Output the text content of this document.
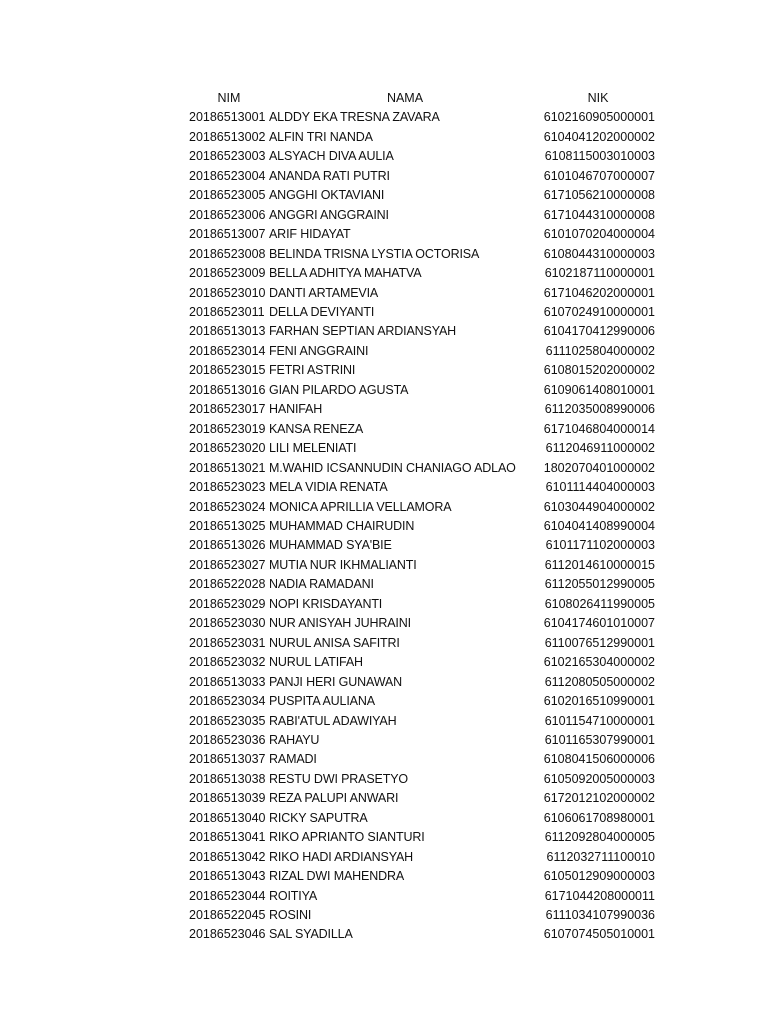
NIM	NAMA	NIK
20186513001	ALDDY EKA TRESNA ZAVARA	6102160905000001
20186513002	ALFIN TRI NANDA	6104041202000002
20186523003	ALSYACH DIVA AULIA	6108115003010003
20186523004	ANANDA RATI PUTRI	6101046707000007
20186523005	ANGGHI OKTAVIANI	6171056210000008
20186523006	ANGGRI ANGGRAINI	6171044310000008
20186513007	ARIF HIDAYAT	6101070204000004
20186523008	BELINDA TRISNA LYSTIA OCTORISA	6108044310000003
20186523009	BELLA ADHITYA MAHATVA	6102187110000001
20186523010	DANTI ARTAMEVIA	6171046202000001
20186523011	DELLA DEVIYANTI	6107024910000001
20186513013	FARHAN SEPTIAN ARDIANSYAH	6104170412990006
20186523014	FENI ANGGRAINI	6111025804000002
20186523015	FETRI ASTRINI	6108015202000002
20186513016	GIAN PILARDO AGUSTA	6109061408010001
20186523017	HANIFAH	6112035008990006
20186523019	KANSA RENEZA	6171046804000014
20186523020	LILI MELENIATI	6112046911000002
20186513021	M.WAHID ICSANNUDIN CHANIAGO ADLAO	1802070401000002
20186523023	MELA VIDIA RENATA	6101114404000003
20186523024	MONICA APRILLIA VELLAMORA	6103044904000002
20186513025	MUHAMMAD CHAIRUDIN	6104041408990004
20186513026	MUHAMMAD SYA'BIE	6101171102000003
20186523027	MUTIA NUR IKHMALIANTI	6112014610000015
20186522028	NADIA RAMADANI	6112055012990005
20186523029	NOPI KRISDAYANTI	6108026411990005
20186523030	NUR ANISYAH JUHRAINI	6104174601010007
20186523031	NURUL ANISA SAFITRI	6110076512990001
20186523032	NURUL LATIFAH	6102165304000002
20186513033	PANJI HERI GUNAWAN	6112080505000002
20186523034	PUSPITA AULIANA	6102016510990001
20186523035	RABI'ATUL ADAWIYAH	6101154710000001
20186523036	RAHAYU	6101165307990001
20186513037	RAMADI	6108041506000006
20186513038	RESTU DWI PRASETYO	6105092005000003
20186513039	REZA PALUPI ANWARI	6172012102000002
20186513040	RICKY SAPUTRA	6106061708980001
20186513041	RIKO APRIANTO SIANTURI	6112092804000005
20186513042	RIKO HADI ARDIANSYAH	6112032711100010
20186513043	RIZAL DWI MAHENDRA	6105012909000003
20186523044	ROITIYA	6171044208000011
20186522045	ROSINI	6111034107990036
20186523046	SAL SYADILLA	6107074505010001
